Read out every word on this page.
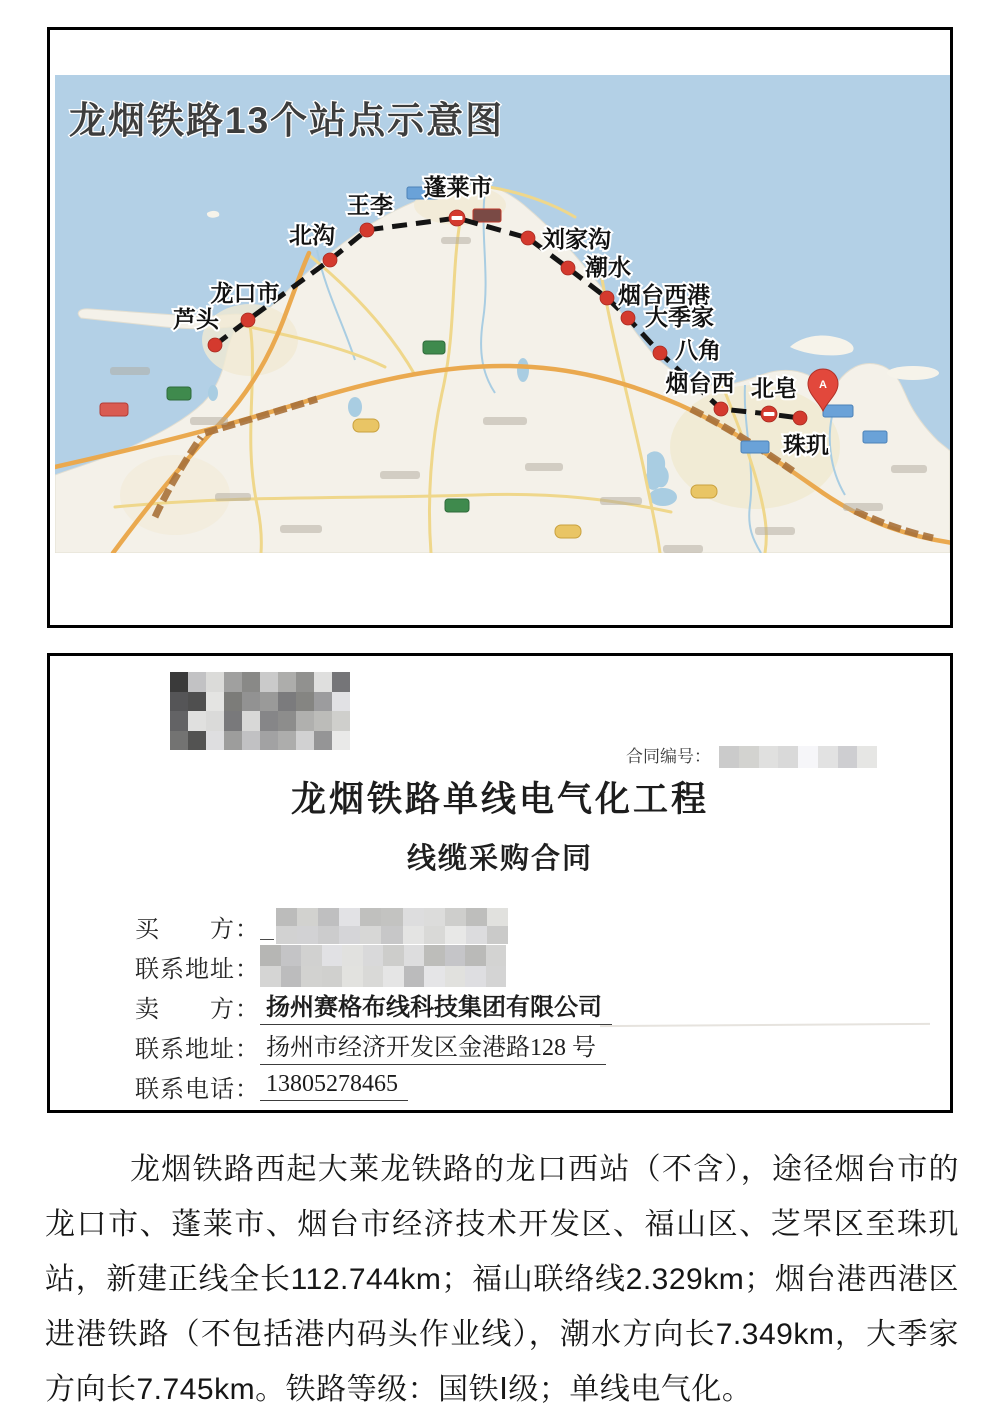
芦头
龙口市
北沟
王李
蓬莱市
刘家沟
潮水
烟台西港
大季家
八角
烟台西 北皂
珠玑
A
龙烟铁路13个站点示意图
合同编号：
龙烟铁路单线电气化工程
线缆采购合同
买　　方：
联系地址：
卖　　方： 扬州赛格布线科技集团有限公司
联系地址： 扬州市经济开发区金港路128 号
联系电话： 13805278465
龙烟铁路西起大莱龙铁路的龙口西站（不含），途径烟台市的龙口市、蓬莱市、烟台市经济技术开发区、福山区、芝罘区至珠玑站，新建正线全长112.744km；福山联络线2.329km；烟台港西港区进港铁路（不包括港内码头作业线），潮水方向长7.349km，大季家方向长7.745km。铁路等级：国铁Ⅰ级；单线电气化。
